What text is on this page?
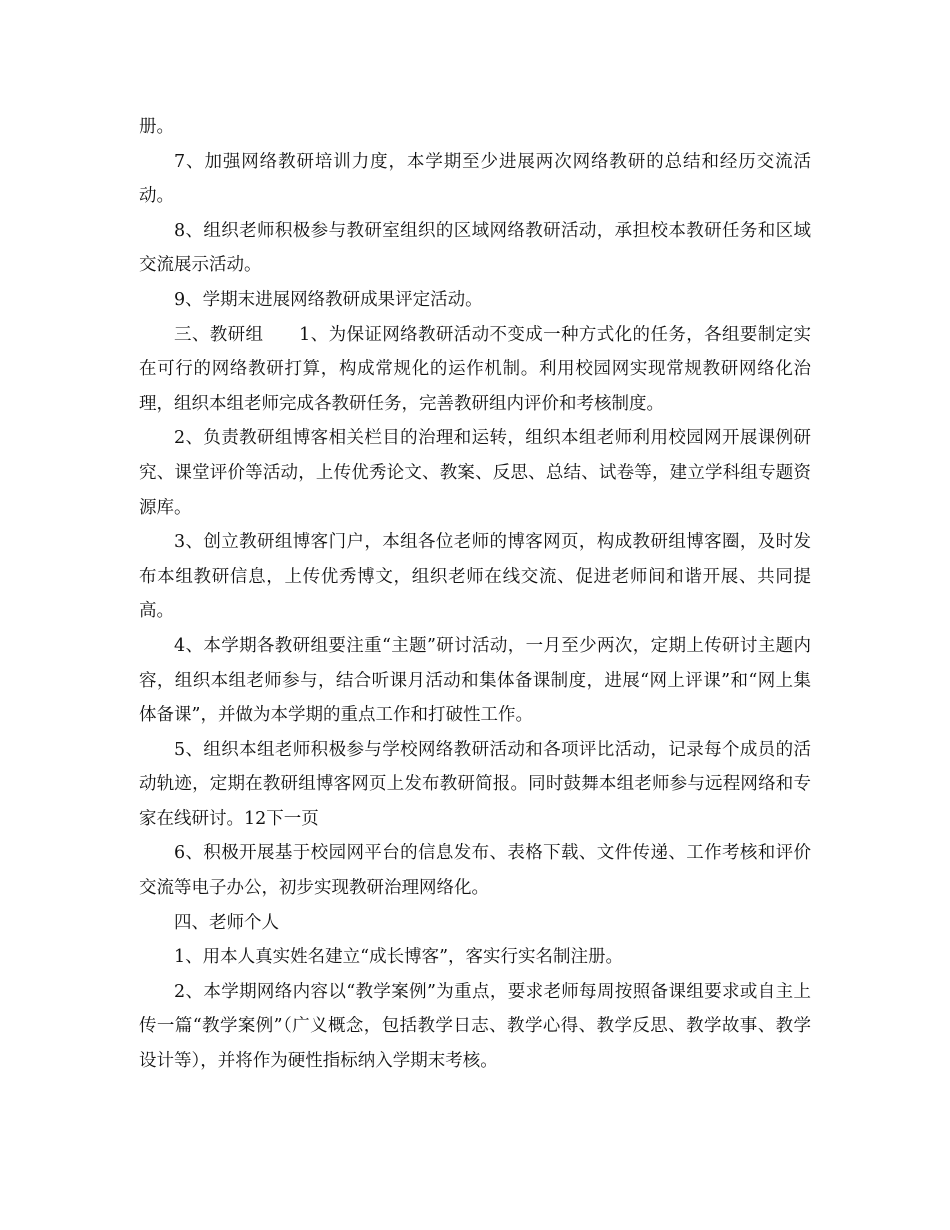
册。

7、加强网络教研培训力度，本学期至少进展两次网络教研的总结和经历交流活动。

8、组织老师积极参与教研室组织的区域网络教研活动，承担校本教研任务和区域交流展示活动。

9、学期末进展网络教研成果评定活动。

三、教研组　　1、为保证网络教研活动不变成一种方式化的任务，各组要制定实在可行的网络教研打算，构成常规化的运作机制。利用校园网实现常规教研网络化治理，组织本组老师完成各教研任务，完善教研组内评价和考核制度。

2、负责教研组博客相关栏目的治理和运转，组织本组老师利用校园网开展课例研究、课堂评价等活动，上传优秀论文、教案、反思、总结、试卷等，建立学科组专题资源库。

3、创立教研组博客门户，本组各位老师的博客网页，构成教研组博客圈，及时发布本组教研信息，上传优秀博文，组织老师在线交流、促进老师间和谐开展、共同提高。

4、本学期各教研组要注重“主题”研讨活动，一月至少两次，定期上传研讨主题内容，组织本组老师参与，结合听课月活动和集体备课制度，进展“网上评课”和“网上集体备课”，并做为本学期的重点工作和打破性工作。

5、组织本组老师积极参与学校网络教研活动和各项评比活动，记录每个成员的活动轨迹，定期在教研组博客网页上发布教研简报。同时鼓舞本组老师参与远程网络和专家在线研讨。12下一页

6、积极开展基于校园网平台的信息发布、表格下载、文件传递、工作考核和评价交流等电子办公，初步实现教研治理网络化。

四、老师个人

1、用本人真实姓名建立“成长博客”，客实行实名制注册。

2、本学期网络内容以“教学案例”为重点，要求老师每周按照备课组要求或自主上传一篇“教学案例”（广义概念，包括教学日志、教学心得、教学反思、教学故事、教学设计等），并将作为硬性指标纳入学期末考核。
